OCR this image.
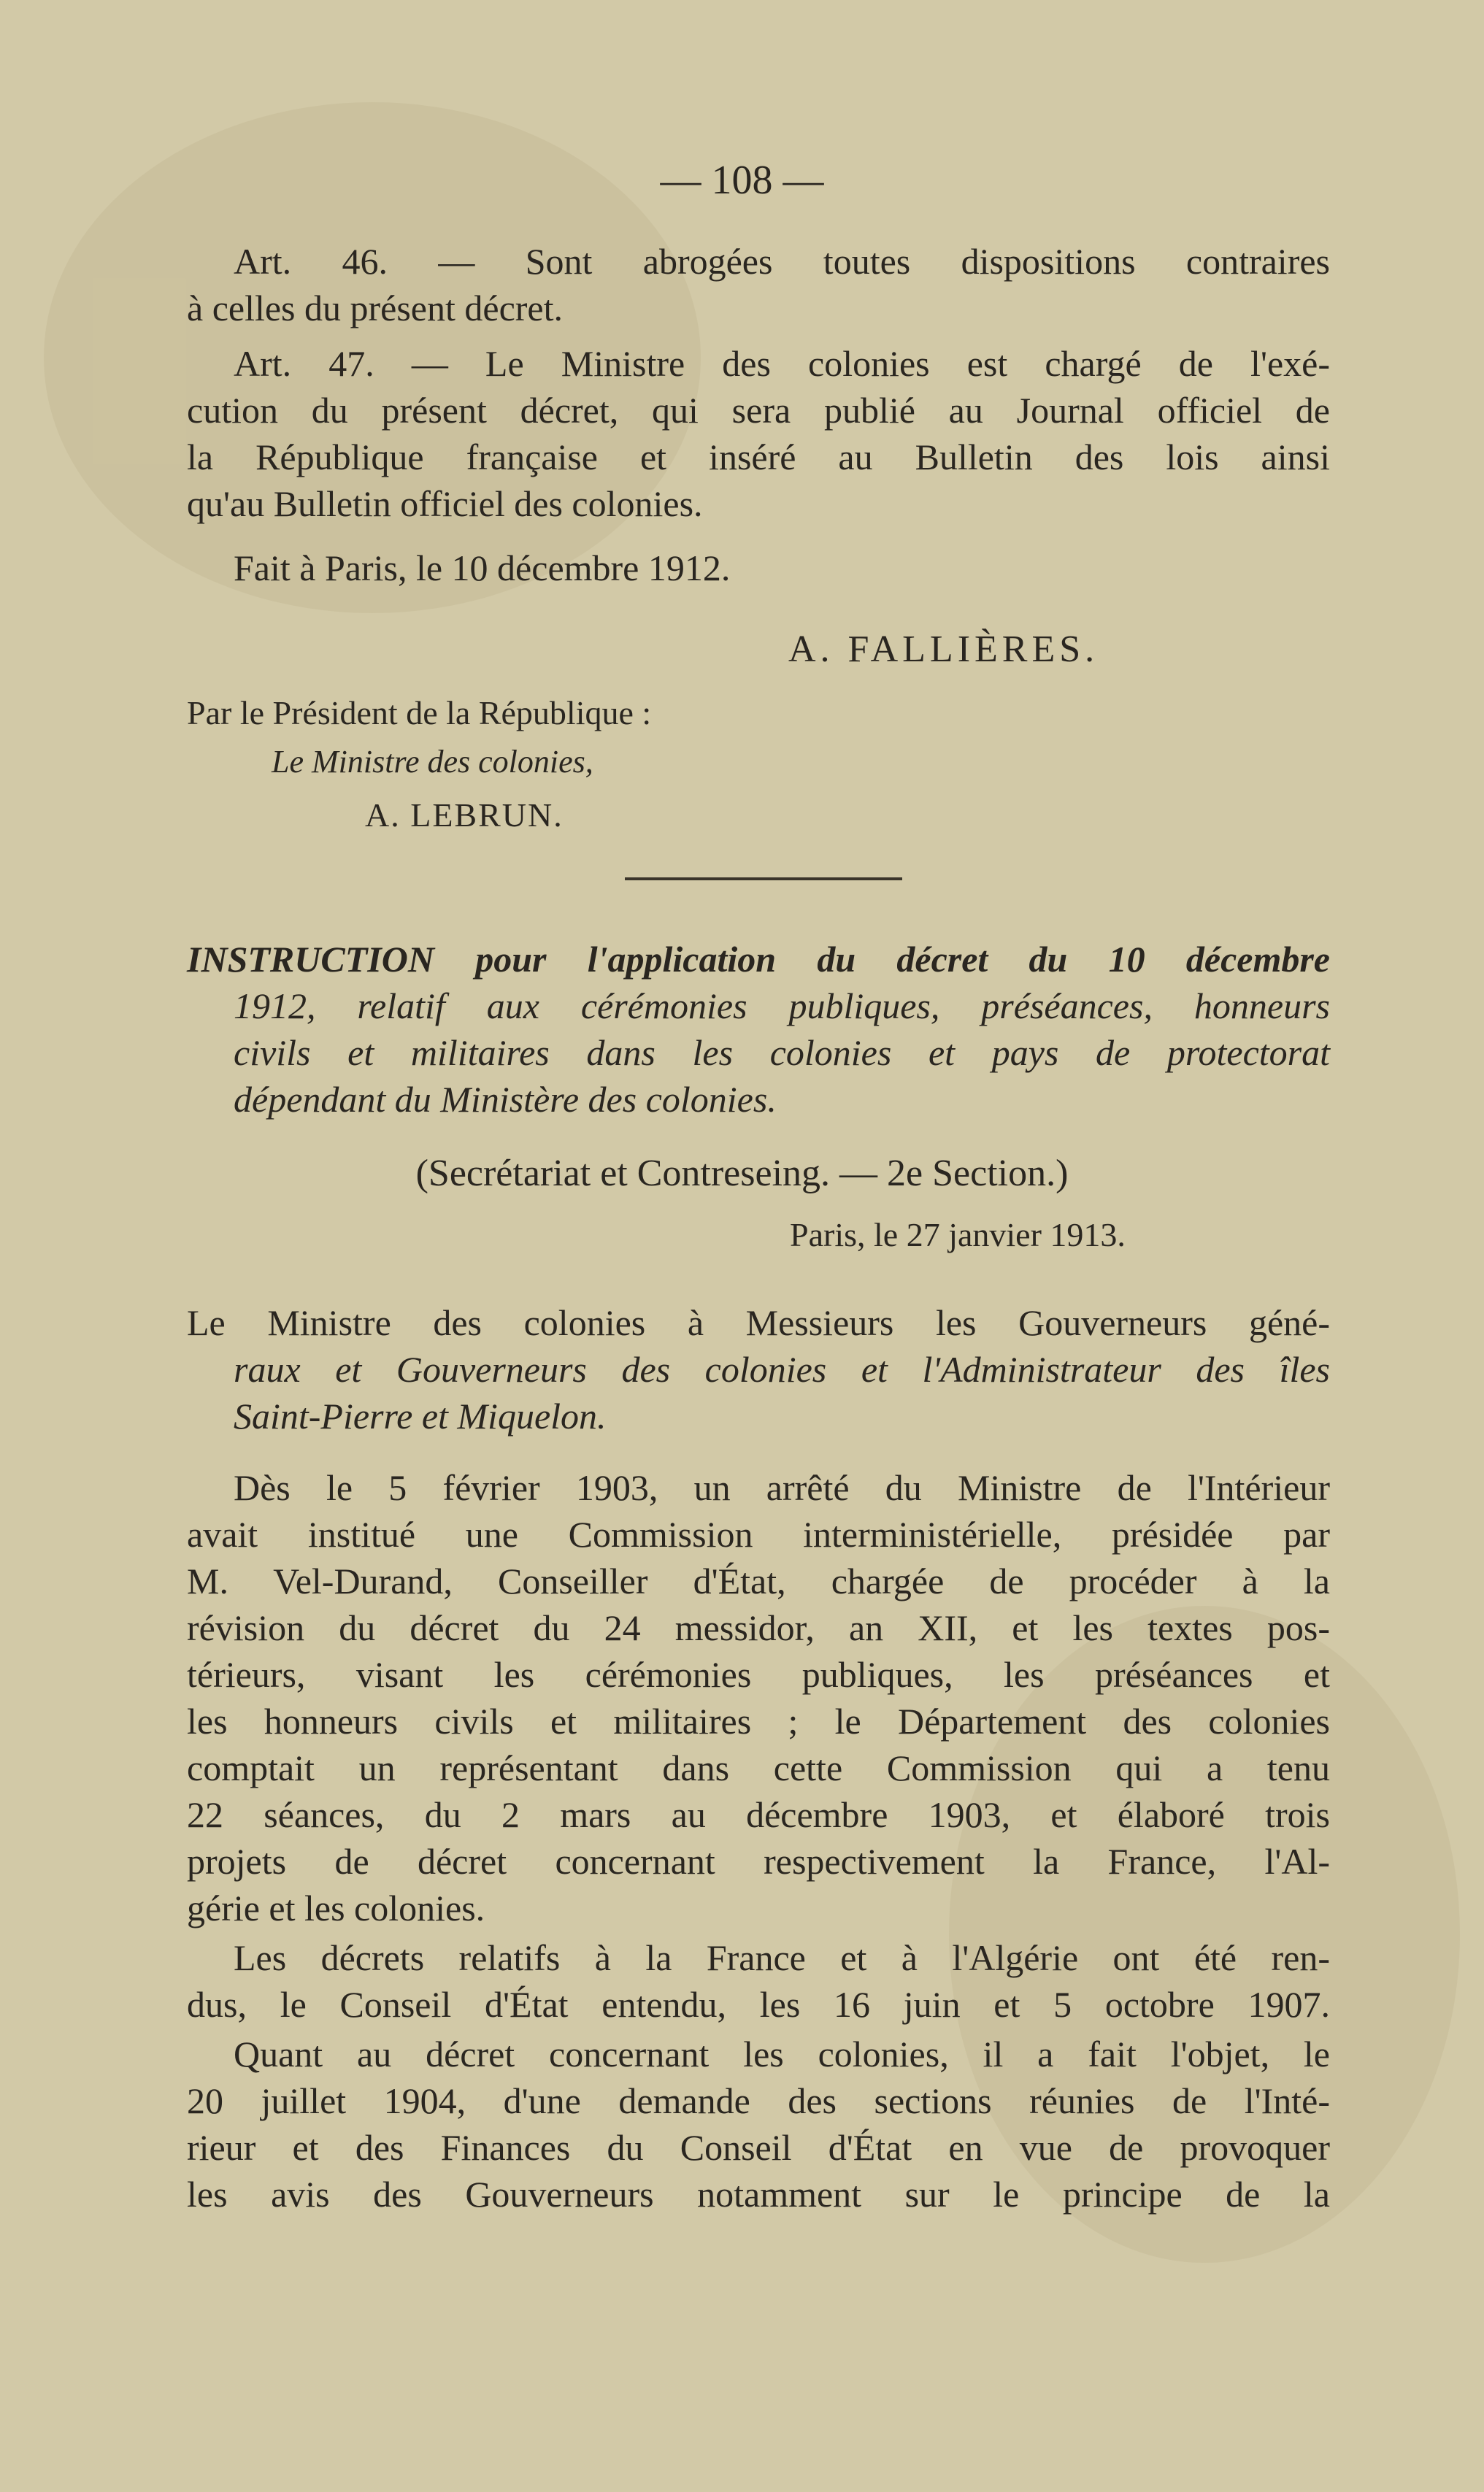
— 108 —
Art. 46. — Sont abrogées toutes dispositions contraires
à celles du présent décret.
Art. 47. — Le Ministre des colonies est chargé de l'exé-
cution du présent décret, qui sera publié au Journal officiel de
la République française et inséré au Bulletin des lois ainsi
qu'au Bulletin officiel des colonies.
Fait à Paris, le 10 décembre 1912.
A. FALLIÈRES.
Par le Président de la République :
Le Ministre des colonies,
A. LEBRUN.
INSTRUCTION pour l'application du décret du 10 décembre
1912, relatif aux cérémonies publiques, préséances, honneurs
civils et militaires dans les colonies et pays de protectorat
dépendant du Ministère des colonies.
(Secrétariat et Contreseing. — 2e Section.)
Paris, le 27 janvier 1913.
Le Ministre des colonies à Messieurs les Gouverneurs géné-
raux et Gouverneurs des colonies et l'Administrateur des îles
Saint-Pierre et Miquelon.
Dès le 5 février 1903, un arrêté du Ministre de l'Intérieur
avait institué une Commission interministérielle, présidée par
M. Vel-Durand, Conseiller d'État, chargée de procéder à la
révision du décret du 24 messidor, an XII, et les textes pos-
térieurs, visant les cérémonies publiques, les préséances et
les honneurs civils et militaires ; le Département des colonies
comptait un représentant dans cette Commission qui a tenu
22 séances, du 2 mars au décembre 1903, et élaboré trois
projets de décret concernant respectivement la France, l'Al-
gérie et les colonies.
Les décrets relatifs à la France et à l'Algérie ont été ren-
dus, le Conseil d'État entendu, les 16 juin et 5 octobre 1907.
Quant au décret concernant les colonies, il a fait l'objet, le
20 juillet 1904, d'une demande des sections réunies de l'Inté-
rieur et des Finances du Conseil d'État en vue de provoquer
les avis des Gouverneurs notamment sur le principe de la
